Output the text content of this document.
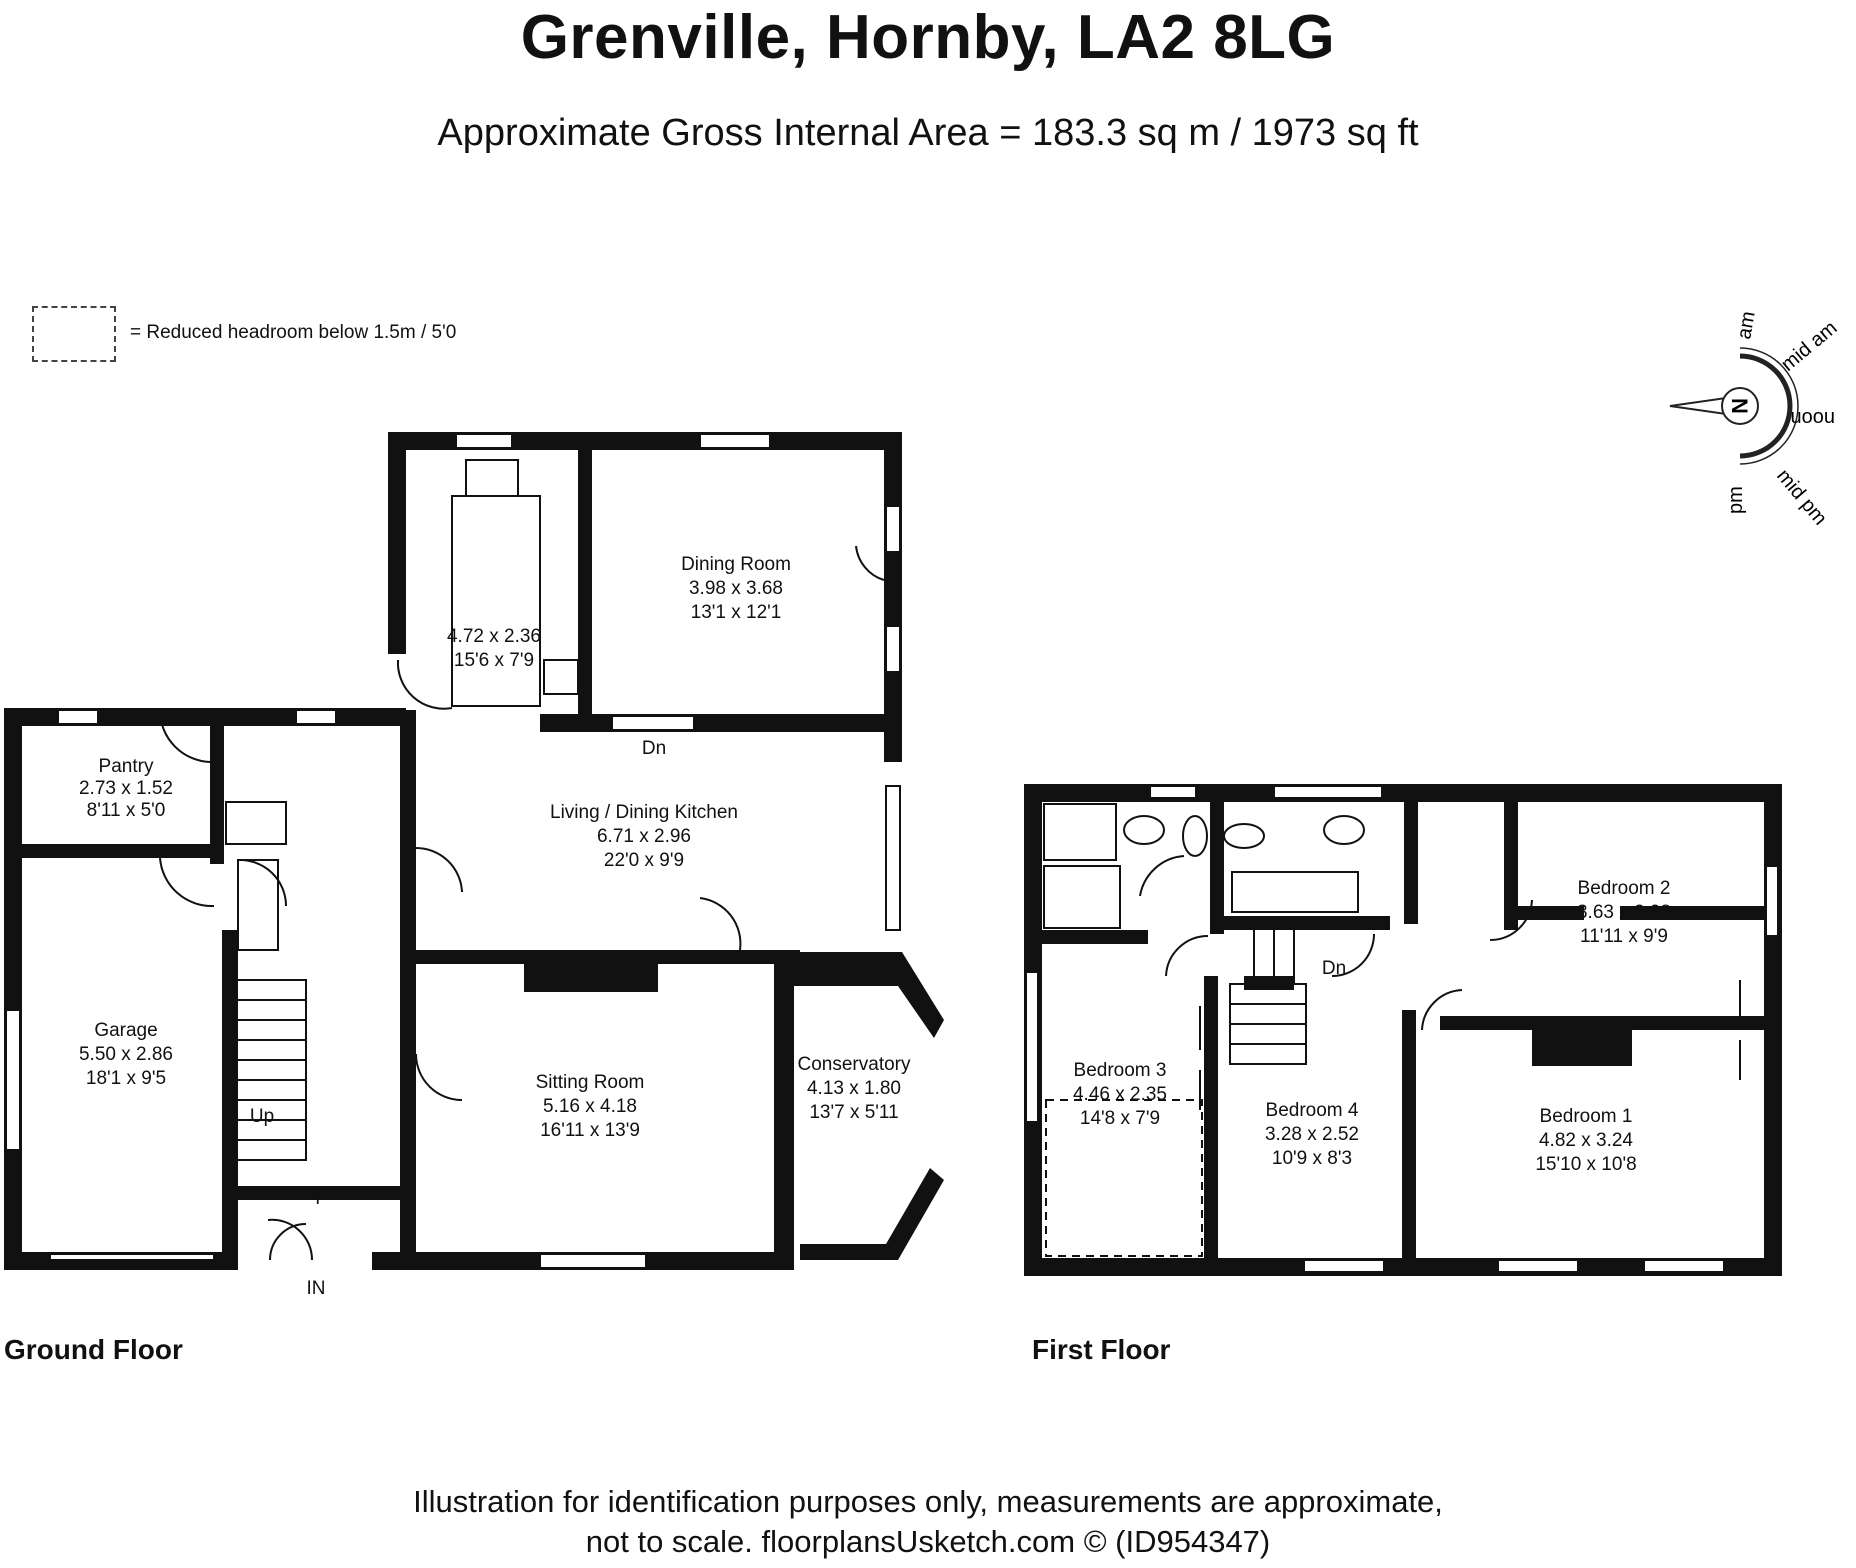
Grenville, Hornby, LA2 8LG
Approximate Gross Internal Area = 183.3 sq m / 1973 sq ft
= Reduced headroom below 1.5m / 5'0
N
am mid am
noon
mid pm
pm
Pantry
2.73 x 1.52
8'11 x 5'0
Garage
5.50 x 2.86
18'1 x 9'5
4.72 x 2.36
15'6 x 7'9
Dining Room
3.98 x 3.68
13'1 x 12'1
Living / Dining Kitchen
6.71 x 2.96
22'0 x 9'9
Sitting Room
5.16 x 4.18
16'11 x 13'9
Conservatory
4.13 x 1.80
13'7 x 5'11
Dn
Up
Up
IN
Bedroom 2
3.63 x 2.98
11'11 x 9'9
Bedroom 3
4.46 x 2.35
14'8 x 7'9	Bedroom 4
3.28 x 2.52
10'9 x 8'3
Bedroom 1
4.82 x 3.24
15'10 x 10'8
Dn
Ground Floor	First Floor
Illustration for identification purposes only, measurements are approximate,
not to scale. floorplansUsketch.com © (ID954347)
